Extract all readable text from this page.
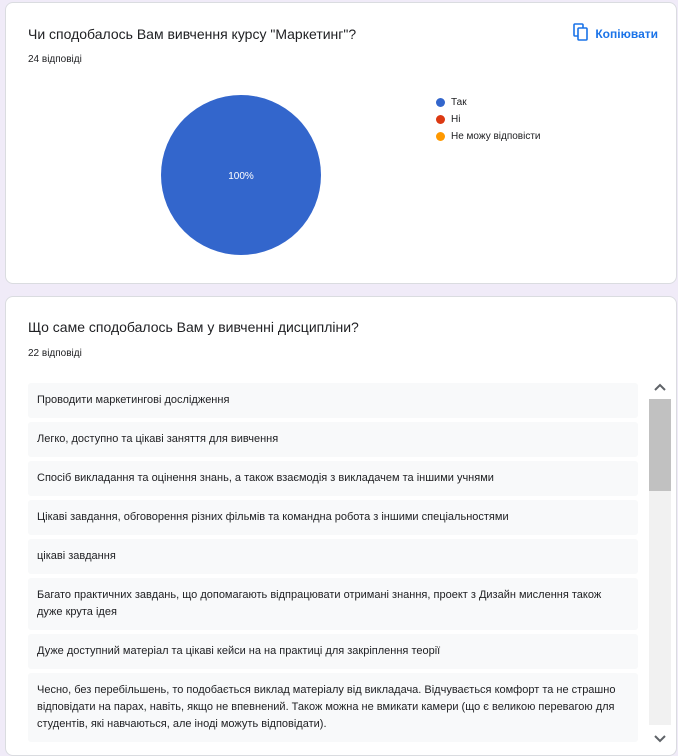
Чи сподобалось Вам вивчення курсу "Маркетинг"?
24 відповіді
Копіювати
100%
Так
Ні
Не можу відповісти
Що саме сподобалось Вам у вивченні дисципліни?
22 відповіді
Проводити маркетингові дослідження
Легко, доступно та цікаві заняття для вивчення
Спосіб викладання та оцінення знань, а також взаємодія з викладачем та іншими учнями
Цікаві завдання, обговорення різних фільмів та командна робота з іншими спеціальностями
цікаві завдання
Багато практичних завдань, що допомагають відпрацювати отримані знання, проект з Дизайн мислення також дуже крута ідея
Дуже доступний матеріал та цікаві кейси на на практиці для закріплення теорії
Чесно, без перебільшень, то подобається виклад матеріалу від викладача. Відчувається комфорт та не страшно відповідати на парах, навіть, якщо не впевнений. Також можна не вмикати камери (що є великою перевагою для студентів, які навчаються, але іноді можуть відповідати).
